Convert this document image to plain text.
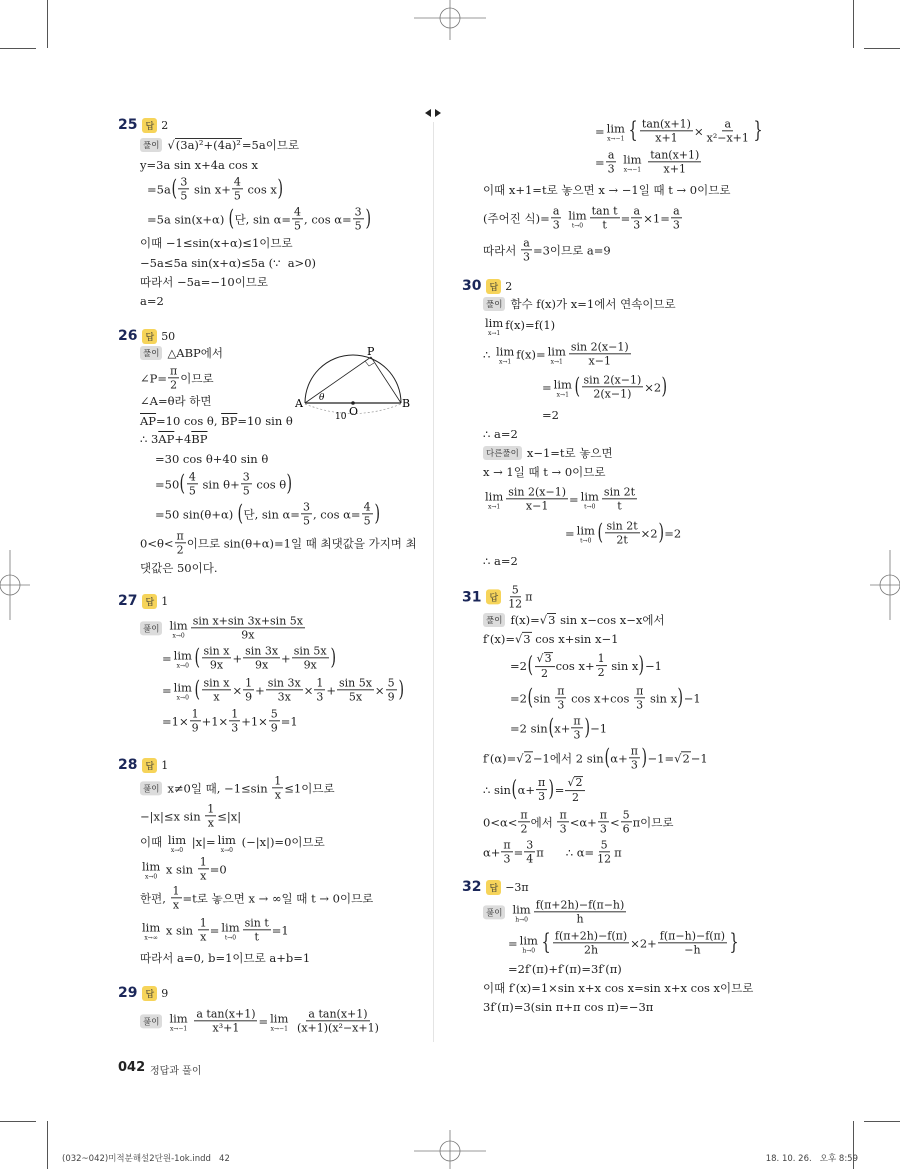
25 답 2
풀이 √ (3a)²+(4a)² =5a이므로
y=3a sin x+4a cos x
=5a ( $\frac{3}{5}$ $\sin x+ \frac{4}{5}$ cos x )
=5a sin(x+α) ( 단, $\sin \alpha= \frac{4}{5}$ , $\cos \alpha= \frac{3}{5}$ )
이때 −1≤sin(x+α)≤1이므로
−5a≤5a sin(x+α)≤5a (∵  a>0)
따라서 −5a=−10이므로
a=2
26 답 50
풀이 △ABP에서
∠P= $\frac{\pi}{2}$ 이므로
∠A=θ라 하면
$\overline{AP} =10$ cos θ, $\overline{BP} =10$ sin θ
∴ 3 $\overline{AP} +4$ $\overline{BP}$
=30 cos θ+40 sin θ
=50 ( $\frac{4}{5}$ $\sin \theta+ \frac{3}{5}$ cos θ )
=50 sin(θ+α) ( 단, $\sin \alpha= \frac{3}{5}$ , $\cos \alpha= \frac{4}{5}$ )
$0<\theta< \frac{\pi}{2}$ 이므로 sin(θ+α)=1일 때 최댓값을 가지며 최
댓값은 50이다.
P
A	B
O
θ
10
27 답 1
풀이 lim
$x\to 0 \frac{\text{sin x+sin 3x+sin 5x}}{9x}$
= lim
x→0 ( $\frac{\text{sin x}}{9x} + \frac{\sin 3x}{9x} + \frac{\sin 5x}{9x}$ )
= lim
x→0 ( $\frac{\text{sin x}}{x} \times \frac{1}{9} + \frac{\sin 3x}{3x} \times \frac{1}{3} + \frac{\sin 5x}{5x} \times \frac{5}{9}$ )
$=1\times \frac{1}{9} +1\times \frac{1}{3} +1\times \frac{5}{9} =1$
28 답 1
풀이 x≠0일 때, $-1\le\sin \frac{1}{x} \le 1$이므로
−|x|≤x $\sin \frac{1}{x} \le|x|$
이때 lim
x→0
|x|= lim
x→0
(−|x|)=0이므로
lim
x→0
x $\sin \frac{1}{x} =0$
한편, $\frac{1}{x} =t$로 놓으면 x → ∞일 때 t → 0이므로
lim
x→∞
x $\sin \frac{1}{x} = \lim$
$t\to 0 \frac{\text{sin t}}{t} =1$
따라서 a=0, b=1이므로 a+b=1
29 답 9
풀이 lim
x→−1
$\frac{\text{a tan(x+1)}}{\text{x³+1}} = \lim$
x→−1
$\frac{\text{a tan(x+1)}}{\text{(x+1)(x²−x+1)}}$
= lim
x→−1 { $\frac{\tan(x+1)}{x+1} \times \frac{a}{\text{x²−x+1}}$ }
= $\frac{a}{3}$
lim
x→−1
$\frac{\tan(x+1)}{x+1}$
이때 x+1=t로 놓으면 x → −1일 때 t → 0이므로
(주어진 식)= $\frac{a}{3}$
lim
$t\to 0 \frac{\text{tan t}}{t} = \frac{a}{3} \times 1= \frac{a}{3}$
따라서 $\frac{a}{3} =3$이므로 a=9
30 답 2
풀이 함수 f(x)가 x=1에서 연속이므로
lim
x→1
f(x)=f(1)
∴ lim
x→1
f(x)= lim
$x\to 1 \frac{\sin 2(x-1)}{x-1}$
= lim
x→1 ( $\frac{\sin 2(x-1)}{2(x-1)} \times 2$ )
=2
∴ a=2
다른풀이 x−1=t로 놓으면
x → 1일 때 t → 0이므로
lim
$x\to 1 \frac{\sin 2(x-1)}{x-1} = \lim$
$t\to 0 \frac{\sin 2t}{t}$
= lim
t→0 ( $\frac{\sin 2t}{2t} \times 2$ ) =2
∴ a=2
31 답 $\frac{5}{12}$ π
풀이 f(x)= √ 3 sin x−cos x−x에서
f′(x)= √ 3 cos x+sin x−1
=2 ( $\frac{√ 3}{2}$ $\cos x+ \frac{1}{2}$ sin x ) −1
=2 ( $\sin \frac{\pi}{3}$ $\cos x+\cos \frac{\pi}{3}$ sin x ) −1
=2 sin ( $x+ \frac{\pi}{3}$ ) −1
f′(α)= √ 2 −1에서 2 sin ( $\alpha+ \frac{\pi}{3}$ ) −1= √ 2 −1
∴ sin ( $\alpha+ \frac{\pi}{3}$ ) = $\frac{√ 2}{2}$
$0<\alpha< \frac{\pi}{2}$ 에서 $\frac{\pi}{3} <\alpha+ \frac{\pi}{3} < \frac{5}{6}$ π이므로
$\alpha+ \frac{\pi}{3} = \frac{3}{4}$ π      ∴ $\alpha= \frac{5}{12}$ π
32 답 −3π
풀이 lim
$h\to 0 \frac{f(\pi+2h)-f(\pi-h)}{h}$
= lim
h→0 { $\frac{f(\pi+2h)-f(\pi)}{2h} \times 2+ \frac{f(\pi-h)-f(\pi)}{-h}$ }
=2f′(π)+f′(π)=3f′(π)
이때 f′(x)=1×sin x+x cos x=sin x+x cos x이므로
3f′(π)=3(sin π+π cos π)=−3π
042 정답과 풀이
(032~042)미적분해설2단원-1ok.indd   42	18. 10. 26.   오후 8:59
